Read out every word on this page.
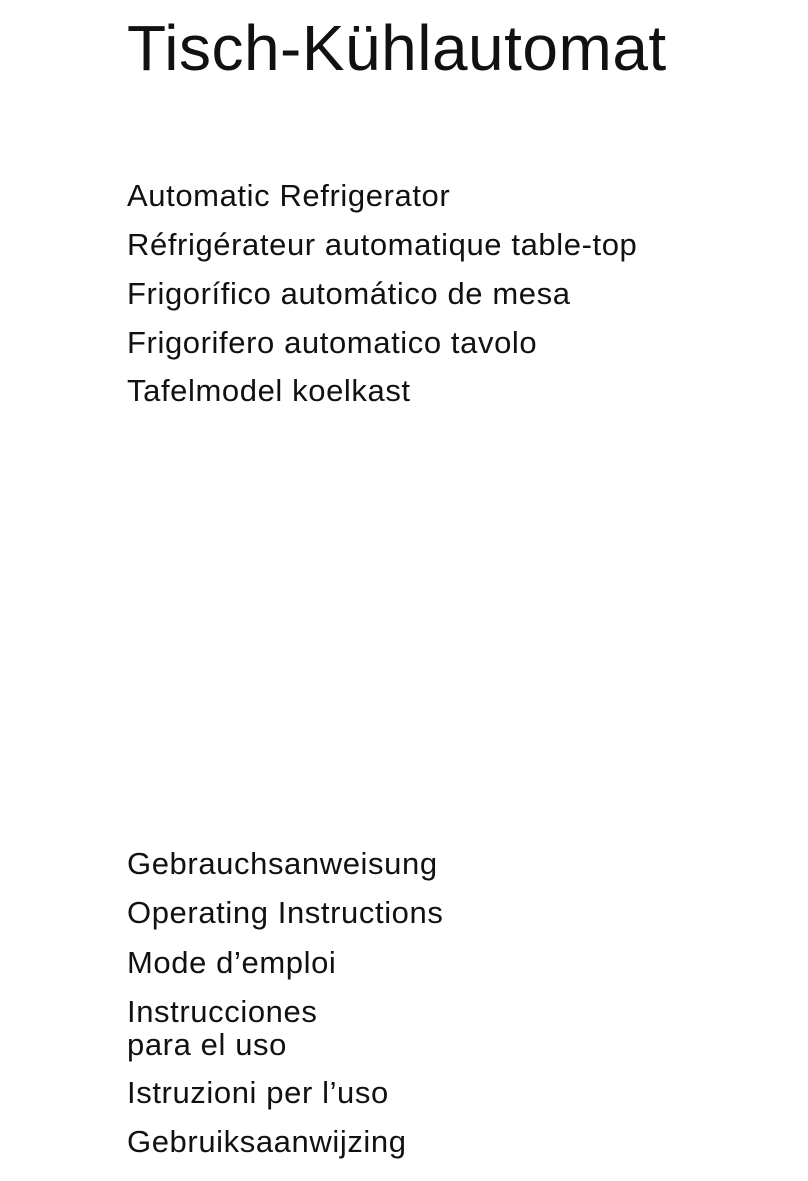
Tisch-Kühlautomat
Automatic Refrigerator
Réfrigérateur automatique table-top
Frigorífico automático de mesa
Frigorifero automatico tavolo
Tafelmodel koelkast
Gebrauchsanweisung
Operating Instructions
Mode d’emploi
Instrucciones
para el uso
Istruzioni per l’uso
Gebruiksaanwijzing
